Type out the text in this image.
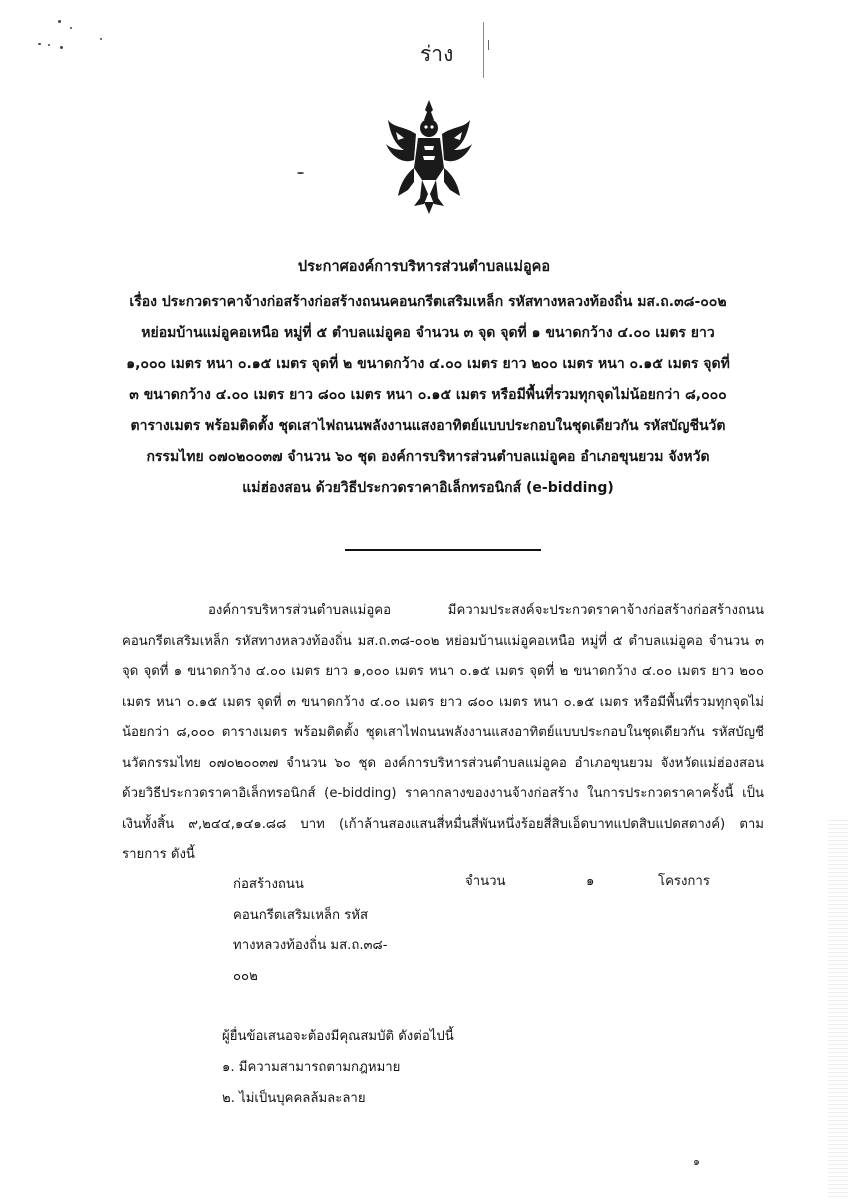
ร่าง
ประกาศองค์การบริหารส่วนตำบลแม่อูคอ
เรื่อง ประกวดราคาจ้างก่อสร้างก่อสร้างถนนคอนกรีตเสริมเหล็ก รหัสทางหลวงท้องถิ่น มส.ถ.๓๘-๐๐๒
หย่อมบ้านแม่อูคอเหนือ หมู่ที่ ๕ ตำบลแม่อูคอ จำนวน ๓ จุด จุดที่ ๑ ขนาดกว้าง ๔.๐๐ เมตร ยาว
๑,๐๐๐ เมตร หนา ๐.๑๕ เมตร จุดที่ ๒ ขนาดกว้าง ๔.๐๐ เมตร ยาว ๒๐๐ เมตร หนา ๐.๑๕ เมตร จุดที่
๓ ขนาดกว้าง ๔.๐๐ เมตร ยาว ๘๐๐ เมตร หนา ๐.๑๕ เมตร หรือมีพื้นที่รวมทุกจุดไม่น้อยกว่า ๘,๐๐๐
ตารางเมตร พร้อมติดตั้ง ชุดเสาไฟถนนพลังงานแสงอาทิตย์แบบประกอบในชุดเดียวกัน รหัสบัญชีนวัต
กรรมไทย ๐๗๐๒๐๐๓๗ จำนวน ๖๐ ชุด องค์การบริหารส่วนตำบลแม่อูคอ อำเภอขุนยวม จังหวัด
แม่ฮ่องสอน ด้วยวิธีประกวดราคาอิเล็กทรอนิกส์ (e-bidding)
องค์การบริหารส่วนตำบลแม่อูคอ มีความประสงค์จะประกวดราคาจ้างก่อสร้างก่อสร้างถนนคอนกรีตเสริมเหล็ก รหัสทางหลวงท้องถิ่น มส.ถ.๓๘-๐๐๒ หย่อมบ้านแม่อูคอเหนือ หมู่ที่ ๕ ตำบลแม่อูคอ จำนวน ๓ จุด จุดที่ ๑ ขนาดกว้าง ๔.๐๐ เมตร ยาว ๑,๐๐๐ เมตร หนา ๐.๑๕ เมตร จุดที่ ๒ ขนาดกว้าง ๔.๐๐ เมตร ยาว ๒๐๐ เมตร หนา ๐.๑๕ เมตร จุดที่ ๓ ขนาดกว้าง ๔.๐๐ เมตร ยาว ๘๐๐ เมตร หนา ๐.๑๕ เมตร หรือมีพื้นที่รวมทุกจุดไม่น้อยกว่า ๘,๐๐๐ ตารางเมตร พร้อมติดตั้ง ชุดเสาไฟถนนพลังงานแสงอาทิตย์แบบประกอบในชุดเดียวกัน รหัสบัญชีนวัตกรรมไทย ๐๗๐๒๐๐๓๗ จำนวน ๖๐ ชุด องค์การบริหารส่วนตำบลแม่อูคอ อำเภอขุนยวม จังหวัดแม่ฮ่องสอน ด้วยวิธีประกวดราคาอิเล็กทรอนิกส์ (e-bidding) ราคากลางของงานจ้างก่อสร้าง ในการประกวดราคาครั้งนี้ เป็นเงินทั้งสิ้น ๙,๒๔๔,๑๔๑.๘๘ บาท (เก้าล้านสองแสนสี่หมื่นสี่พันหนึ่งร้อยสี่สิบเอ็ดบาทแปดสิบแปดสตางค์) ตามรายการ ดังนี้
ก่อสร้างถนน
คอนกรีตเสริมเหล็ก รหัส
ทางหลวงท้องถิ่น มส.ถ.๓๘-
๐๐๒
จำนวน	๑	โครงการ
ผู้ยื่นข้อเสนอจะต้องมีคุณสมบัติ ดังต่อไปนี้
๑. มีความสามารถตามกฎหมาย
๒. ไม่เป็นบุคคลล้มละลาย
๑
